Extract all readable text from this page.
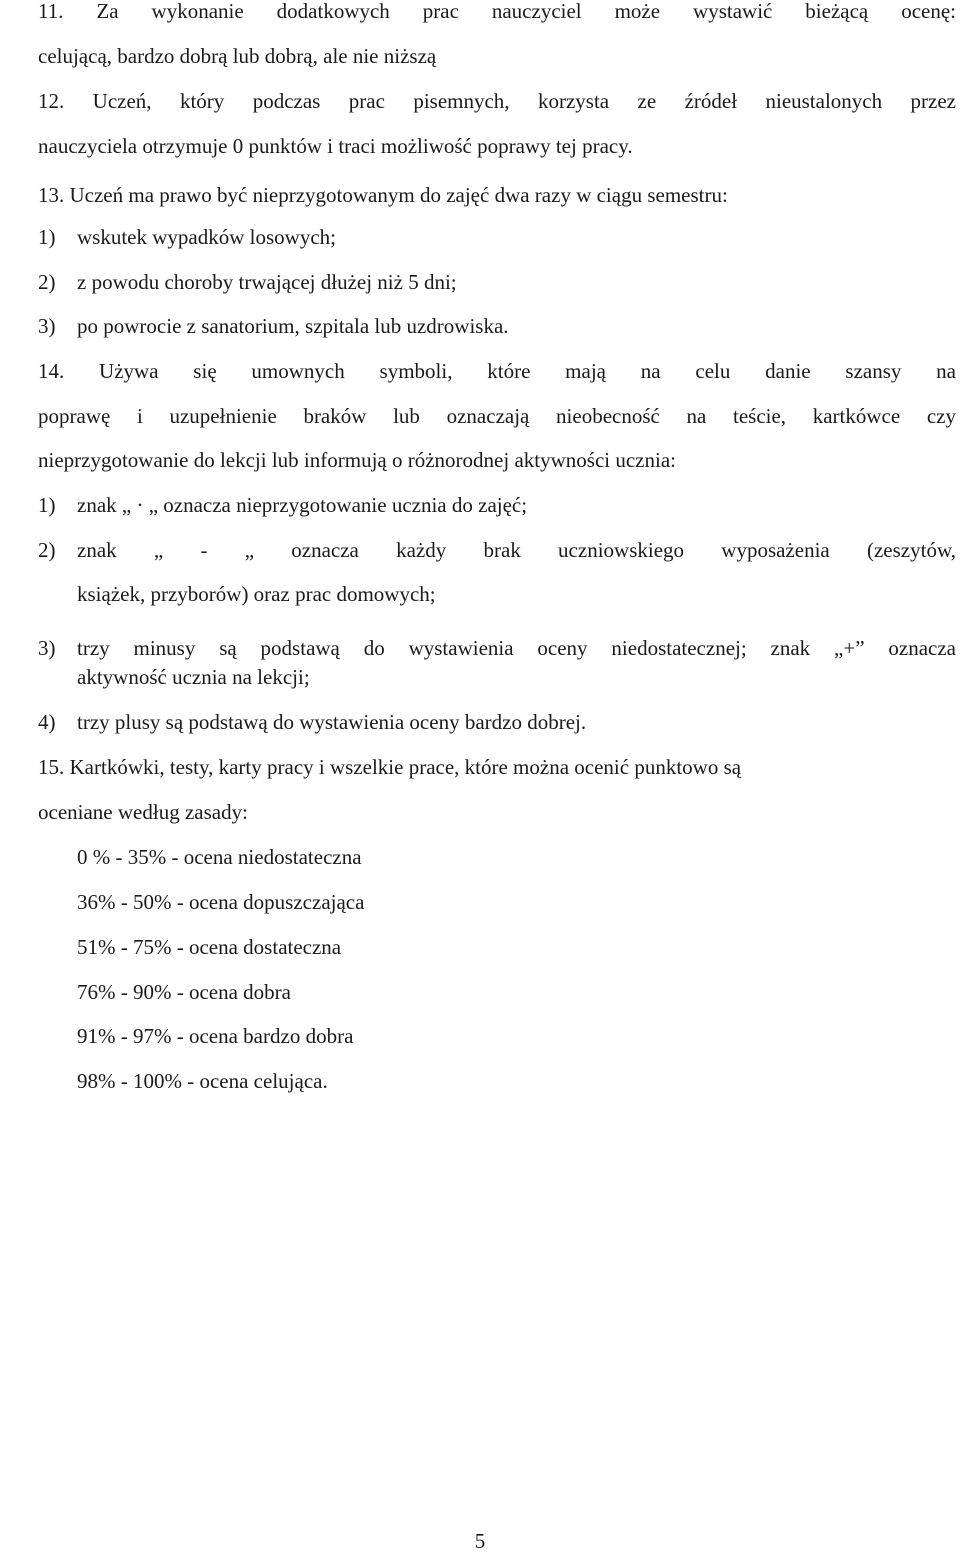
11. Za wykonanie dodatkowych prac nauczyciel może wystawić bieżącą ocenę:
celującą, bardzo dobrą lub dobrą, ale nie niższą
12. Uczeń, który podczas prac pisemnych, korzysta ze źródeł nieustalonych przez
nauczyciela otrzymuje 0 punktów i traci możliwość poprawy tej pracy.
13. Uczeń ma prawo być nieprzygotowanym do zajęć dwa razy w ciągu semestru:
1)	wskutek wypadków losowych;
2)	z powodu choroby trwającej dłużej niż 5 dni;
3)	po powrocie z sanatorium, szpitala lub uzdrowiska.
14. Używa się umownych symboli, które mają na celu danie szansy na
poprawę i uzupełnienie braków lub oznaczają nieobecność na teście, kartkówce czy
nieprzygotowanie do lekcji lub informują o różnorodnej aktywności ucznia:
1)	znak „ · „ oznacza nieprzygotowanie ucznia do zajęć;
2)	znak „ - „ oznacza każdy brak uczniowskiego wyposażenia (zeszytów,
książek, przyborów) oraz prac domowych;
3)	trzy minusy są podstawą do wystawienia oceny niedostatecznej; znak „+” oznacza
aktywność ucznia na lekcji;
4)	trzy plusy są podstawą do wystawienia oceny bardzo dobrej.
15. Kartkówki, testy, karty pracy i wszelkie prace, które można ocenić punktowo są
oceniane według zasady:
0 % - 35% - ocena niedostateczna
36% - 50% - ocena dopuszczająca
51% - 75% - ocena dostateczna
76% - 90% - ocena dobra
91% - 97% - ocena bardzo dobra
98% - 100% - ocena celująca.
5
